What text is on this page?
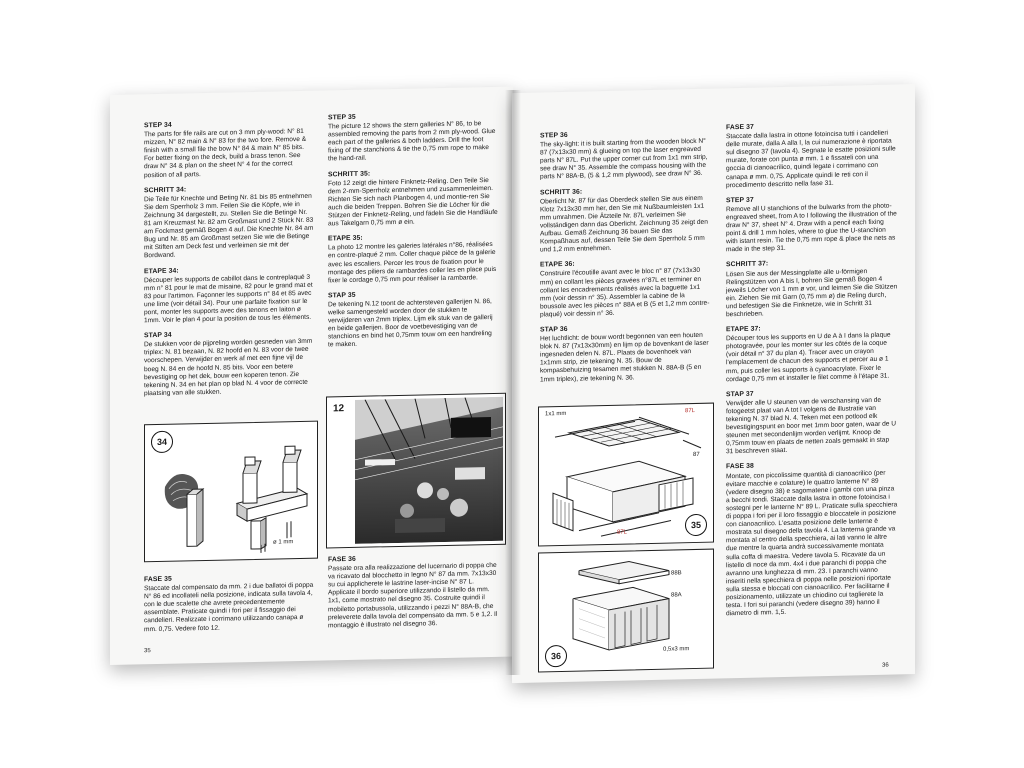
STEP 34

The parts for fife rails are cut on 3 mm ply-wood: N° 81 mizzen, N° 82 main & N° 83 for the two fore. Remove & finish with a small file the bow N° 84 & main N° 85 bits. For better fixing on the deck, build a brass tenon. See draw N° 34 & plan on the sheet N° 4 for the correct position of all parts.

SCHRITT 34:

Die Teile für Knechte und Beting Nr. 81 bis 85 entnehmen Sie dem Sperrholz 3 mm. Feilen Sie die Köpfe, wie in Zeichnung 34 dargestellt, zu. Stellen Sie die Betinge Nr. 81 am Kreuzmast Nr. 82 am Großmast und 2 Stück Nr. 83 am Fockmast gemäß Bogen 4 auf. Die Knechte Nr. 84 am Bug und Nr. 85 am Großmast setzen Sie wie die Betinge mit Stiften am Deck fest und verleimen sie mit der Bordwand.

ETAPE 34:

Découper les supports de cabillot dans le contreplaqué 3 mm n° 81 pour le mat de misaine, 82 pour le grand mat et 83 pour l'artimon. Façonner les supports n° 84 et 85 avec une lime (voir détail 34). Pour une parfaite fixation sur le pont, monter les supports avec des tenons en laiton ø 1mm. Voir le plan 4 pour la position de tous les éléments.

STAP 34

De stukken voor de pijpreling worden gesneden van 3mm triplex: N. 81 bezaan, N. 82 hoofd en N. 83 voor de twee voorschepen. Verwijder en werk af met een fijne vijl de boeg N. 84 en de hoofd N. 85 bits. Voor een betere bevestiging op het dek, bouw een koperen tenon. Zie tekening N. 34 en het plan op blad N. 4 voor de correcte plaatsing van alle stukken.

STEP 35

The picture 12 shows the stern galleries N° 86, to be assembled removing the parts from 2 mm ply-wood. Glue each part of the galleries & both ladders. Drill the foot fixing of the stanchions & tie the 0,75 mm rope to make the hand-rail.

SCHRITT 35:

Foto 12 zeigt die hintere Finknetz-Reling. Den Teile Sie dem 2-mm-Sperrholz entnehmen und zusammenleimen. Richten Sie sich nach Planbogen 4, und montie-ren Sie auch die beiden Treppen. Bohren Sie die Löcher für die Stützen der Finknetz-Reling, und fädeln Sie die Handläufe aus Takelgarn 0,75 mm ø ein.

ETAPE 35:

La photo 12 montre les galeries latérales n°86, réalisées en contre-plaqué 2 mm. Coller chaque pièce de la galerie avec les escaliers. Percer les trous de fixation pour le montage des piliers de rambardes coller les en place puis fixer le cordage 0,75 mm pour réaliser la rambarde.

STAP 35

De tekening N.12 toont de achtersteven gallerijen N. 86, welke samengesteld worden door de stukken te verwijderen van 2mm triplex. Lijm elk stuk van de gallerij en beide gallerijen. Boor de voetbevestiging van de stanchions en bind het 0,75mm touw om een handreling te maken.

34
ø 1 mm
12
FASE 35

Staccate dal compensato da mm. 2 i due ballatoi di poppa N° 86 ed incollateli nella posizione, indicata sulla tavola 4, con le due scalette che avrete precedentemente assemblate. Praticate quindi i fori per il fissaggio dei candelieri. Realizzate i corrimano utilizzando canapa ø mm. 0,75. Vedere foto 12.

FASE 36

Passate ora alla realizzazione del lucernario di poppa che va ricavato dal blocchetto in legno N° 87 da mm. 7x13x30 su cui applicherete le lastrine laser-incise N° 87 L. Applicate il bordo superiore utilizzando il listello da mm. 1x1, come mostrato nel disegno 35. Costruite quindi il mobiletto portabussola, utilizzando i pezzi N° 88A-B, che preleverete dalla tavola del compensato da mm. 5 e 1,2. Il montaggio è illustrato nel disegno 36.

35
STEP 36

The sky-light: it is built starting from the wooden block N° 87 (7x13x30 mm) & glueing on top the laser engreaved parts N° 87L. Put the upper corner cut from 1x1 mm strip, see draw N° 35. Assemble the compass housing with the parts N° 88A-B, (5 & 1,2 mm plywood), see draw N° 36.

SCHRITT 36:

Oberlicht Nr. 87 für das Oberdeck stellen Sie aus einem Klotz 7x13x30 mm her, den Sie mit Nußbaumleisten 1x1 mm umrahmen. Die Ätzteile Nr. 87L verleimen Sie vollständigen dann das Oberlicht. Zeichnung 35 zeigt den Aufbau. Gemäß Zeichnung 36 bauen Sie das Kompaßhaus auf, dessen Teile Sie dem Sperrholz 5 mm und 1,2 mm entnehmen.

ETAPE 36:

Construire l'écoutille avant avec le bloc n° 87 (7x13x30 mm) en collant les pièces gravées n°87L et terminer en collant les encadrements réalisés avec la baguette 1x1 mm (voir dessin n° 35). Assembler la cabine de la boussole avec les pièces n° 88A et B (5 et 1,2 mm contre-plaqué) voir dessin n° 36.

STAP 36

Het luchtlicht: de bouw wordt begonnen van een houten blok N. 87 (7x13x30mm) en lijm op de bovenkant de laser ingesneden delen N. 87L. Plaats de bovenhoek van 1x1mm strip, zie tekening N. 35. Bouw de kompasbehuizing tesamen met stukken N. 88A-B (5 en 1mm triplex), zie tekening N. 36.

FASE 37

Staccate dalla lastra in ottone fotoincisa tutti i candelieri delle murate, dalla A alla I, la cui numerazione è riportata sul disegno 37 (tavola 4). Segnate le esatte posizioni sulle murate, forate con punta ø mm. 1 e fissateli con una goccia di cianoacrilico, quindi legate i corrimano con canapa ø mm. 0,75. Applicate quindi le reti con il procedimento descritto nella fase 31.

STEP 37

Remove all U stanchions of the bulwarks from the photo-engreaved sheet, from A to I following the illustration of the draw N° 37, sheet N° 4. Draw with a pencil each fixing point & drill 1 mm holes, where to glue the U-stanchion with istant resin. Tie the 0,75 mm rope & place the nets as made in the step 31.

SCHRITT 37:

Lösen Sie aus der Messingplatte alle u-förmigen Relingstützen von A bis I, bohren Sie gemäß Bogen 4 jeweils Löcher von 1 mm ø vor, und leimen Sie die Stützen ein. Ziehen Sie mit Garn (0,75 mm ø) die Reling durch, und befestigen Sie die Finknetze, wie in Schritt 31 beschrieben.

ETAPE 37:

Découper tous les supports en U de A à I dans la plaque photogravée, pour les monter sur les côtés de la coque (voir détail n° 37 du plan 4). Tracer avec un crayon l'emplacement de chacun des supports et percer au ø 1 mm, puis coller les supports à cyanoacrylate. Fixer le cordage 0,75 mm et installer le filet comme à l'étape 31.

STAP 37

Verwijder alle U steunen van de verschansing van de fotogeetst plaat van A tot I volgens de illustratie van tekening N. 37 blad N. 4. Teken met een potlood elk bevestigingspunt en boor met 1mm boor gaten, waar de U steunen met secondenlijm worden verlijmt. Knoop de 0,75mm touw en plaats de netten zoals gemaakt in stap 31 beschreven staat.

FASE 38

Montate, con piccolissime quantità di cianoacrilico (per evitare macchie e colature) le quattro lanterne N° 89 (vedere disegno 38) e sagomatene i gambi con una pinza a becchi tondi. Staccate dalla lastra in ottone fotoincisa i sostegni per le lanterne N° 89 L. Praticate sulla specchiera di poppa i fori per il loro fissaggio e bloccatele in posizione con cianoacrilico. L'esatta posizione delle lanterne è mostrata sul disegno della tavola 4. La lanterna grande va montata al centro della specchiera, ai lati vanno le altre due mentre la quarta andrà successivamente montata sulla coffa di maestra. Vedere tavola 5. Ricavate da un listello di noce da mm. 4x4 i due paranchi di poppa che avranno una lunghezza di mm. 23. I paranchi vanno inseriti nella specchiera di poppa nelle posizioni riportate sulla stessa e bloccati con cianoacrilico. Per facilitarne il posizionamento, utilizzate un chiodino cui taglierete la testa. I fori sui paranchi (vedere disegno 39) hanno il diametro di mm. 1,5.

1x1 mm	87L
87
87L
35
88B
88A
0,5x3 mm
36
36
